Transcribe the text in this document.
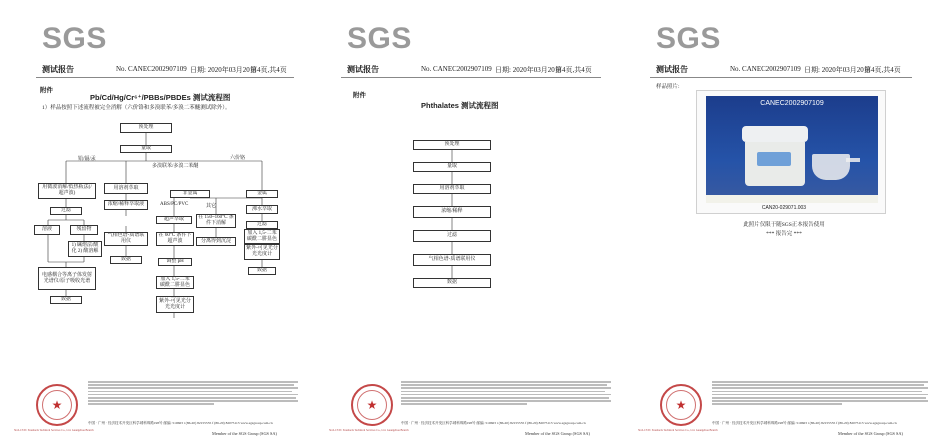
SGS
测试报告	No. CANEC2002907109 日期: 2020年03月20日
第4页,共4页
附件
Pb/Cd/Hg/Cr⁶⁺/PBBs/PBDEs 测试流程图
1）样品按照下述流程被完全消解（六价铬和多溴联苯/多溴二苯醚测试除外）。
预处理
量取
铅/镉/汞
多溴联苯/多溴二苯醚
六价铬
用微波消解/低热板法(/超声波)
过滤
溶液	残留物
1) 碱熔法/酸化 2) 酸溶解
电感耦合等离子体发射光谱仪/原子吸收光谱
数据
用溶剂萃取
浓缩/稀释萃取液
气相色谱-质谱联用仪
数据
非金属	金属
ABS/PC/PVC	其它
超声萃取	在 150~160°C 条件下消解
沸水萃取
在 60°C 条件下超声波	分离得到沉淀
过滤
加入 1,5-二苯碳酰二肼显色
调整 pH
紫外-可见光分光光度计
加入 1,5-二苯碳酰二肼显色
数据
紫外-可见光分光光度计
★
SGS-CSTC Standards Technical Services Co., Ltd. Guangzhou Branch
中国 · 广州 · 经济技术开发区科学城科珠路198号 邮编: 510663 t (86-20) 82155555 f (86-20) 82075113 www.sgsgroup.com.cn
Member of the SGS Group (SGS SA)
SGS
测试报告	No. CANEC2002907109 日期: 2020年03月20日
第4页,共4页
附件
Phthalates 测试流程图
预处理
量取
用溶剂萃取
浓缩/稀释
过滤
气相色谱-质谱联用仪
数据
★
SGS-CSTC Standards Technical Services Co., Ltd. Guangzhou Branch
中国 · 广州 · 经济技术开发区科学城科珠路198号 邮编: 510663 t (86-20) 82155555 f (86-20) 82075113 www.sgsgroup.com.cn
Member of the SGS Group (SGS SA)
SGS
测试报告	No. CANEC2002907109 日期: 2020年03月20日
第4页,共4页
样品照片:
CANEC2002907109
CAN20-029071.003
此照片仅限于随SGS正本报告使用
*** 报告完 ***
★
SGS-CSTC Standards Technical Services Co., Ltd. Guangzhou Branch
中国 · 广州 · 经济技术开发区科学城科珠路198号 邮编: 510663 t (86-20) 82155555 f (86-20) 82075113 www.sgsgroup.com.cn
Member of the SGS Group (SGS SA)
